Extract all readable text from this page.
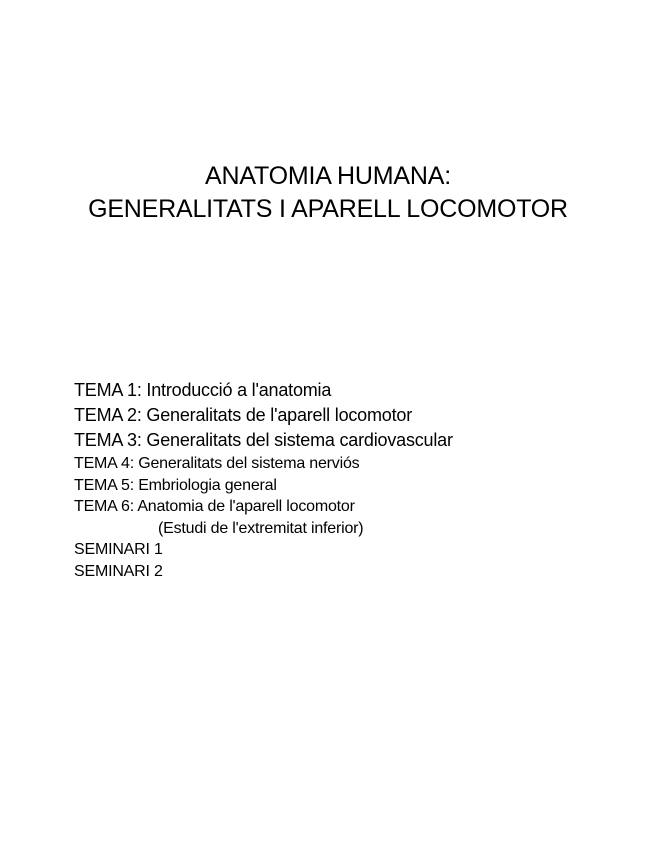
ANATOMIA HUMANA:
GENERALITATS I APARELL LOCOMOTOR
TEMA 1: Introducció a l'anatomia
TEMA 2: Generalitats de l'aparell locomotor
TEMA 3: Generalitats del sistema cardiovascular
TEMA 4: Generalitats del sistema nerviós
TEMA 5: Embriologia general
TEMA 6: Anatomia de l'aparell locomotor
(Estudi de l'extremitat inferior)
SEMINARI 1
SEMINARI 2
